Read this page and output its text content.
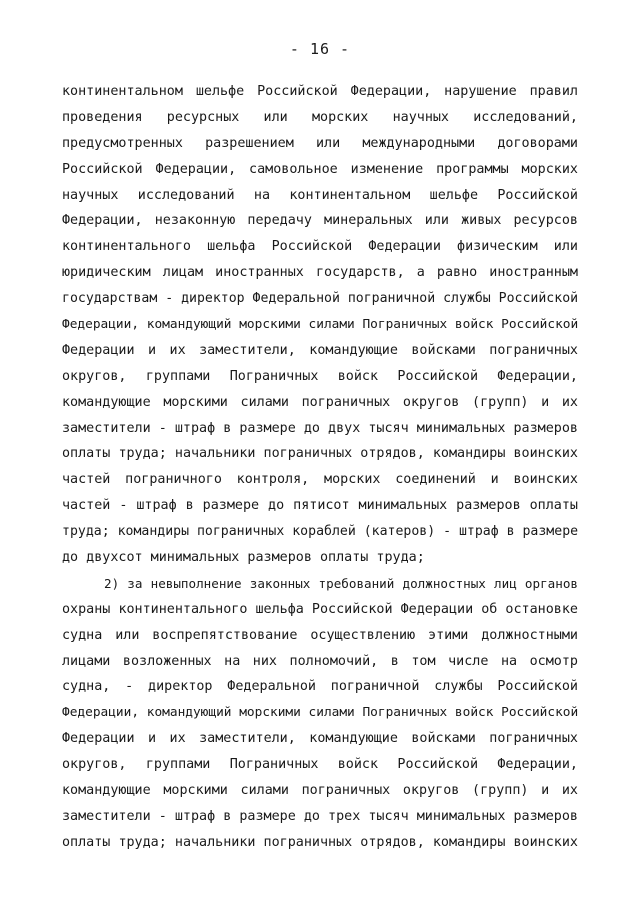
- 16 -
континентальном шельфе Российской Федерации, нарушение правил
проведения ресурсных или морских научных исследований,
предусмотренных разрешением или международными договорами
Российской Федерации, самовольное изменение программы морских
научных исследований на континентальном шельфе Российской
Федерации, незаконную передачу минеральных или живых ресурсов
континентального шельфа Российской Федерации физическим или
юридическим лицам иностранных государств, а равно иностранным
государствам - директор Федеральной пограничной службы Российской
Федерации, командующий морскими силами Пограничных войск Российской
Федерации и их заместители, командующие войсками пограничных
округов, группами Пограничных войск Российской Федерации,
командующие морскими силами пограничных округов (групп) и их
заместители - штраф в размере до двух тысяч минимальных размеров
оплаты труда; начальники пограничных отрядов, командиры воинских
частей пограничного контроля, морских соединений и воинских
частей - штраф в размере до пятисот минимальных размеров оплаты
труда; командиры пограничных кораблей (катеров) - штраф в размере
до двухсот минимальных размеров оплаты труда;
2) за невыполнение законных требований должностных лиц органов
охраны континентального шельфа Российской Федерации об остановке
судна или воспрепятствование осуществлению этими должностными
лицами возложенных на них полномочий, в том числе на осмотр
судна, - директор Федеральной пограничной службы Российской
Федерации, командующий морскими силами Пограничных войск Российской
Федерации и их заместители, командующие войсками пограничных
округов, группами Пограничных войск Российской Федерации,
командующие морскими силами пограничных округов (групп) и их
заместители - штраф в размере до трех тысяч минимальных размеров
оплаты труда; начальники пограничных отрядов, командиры воинских
